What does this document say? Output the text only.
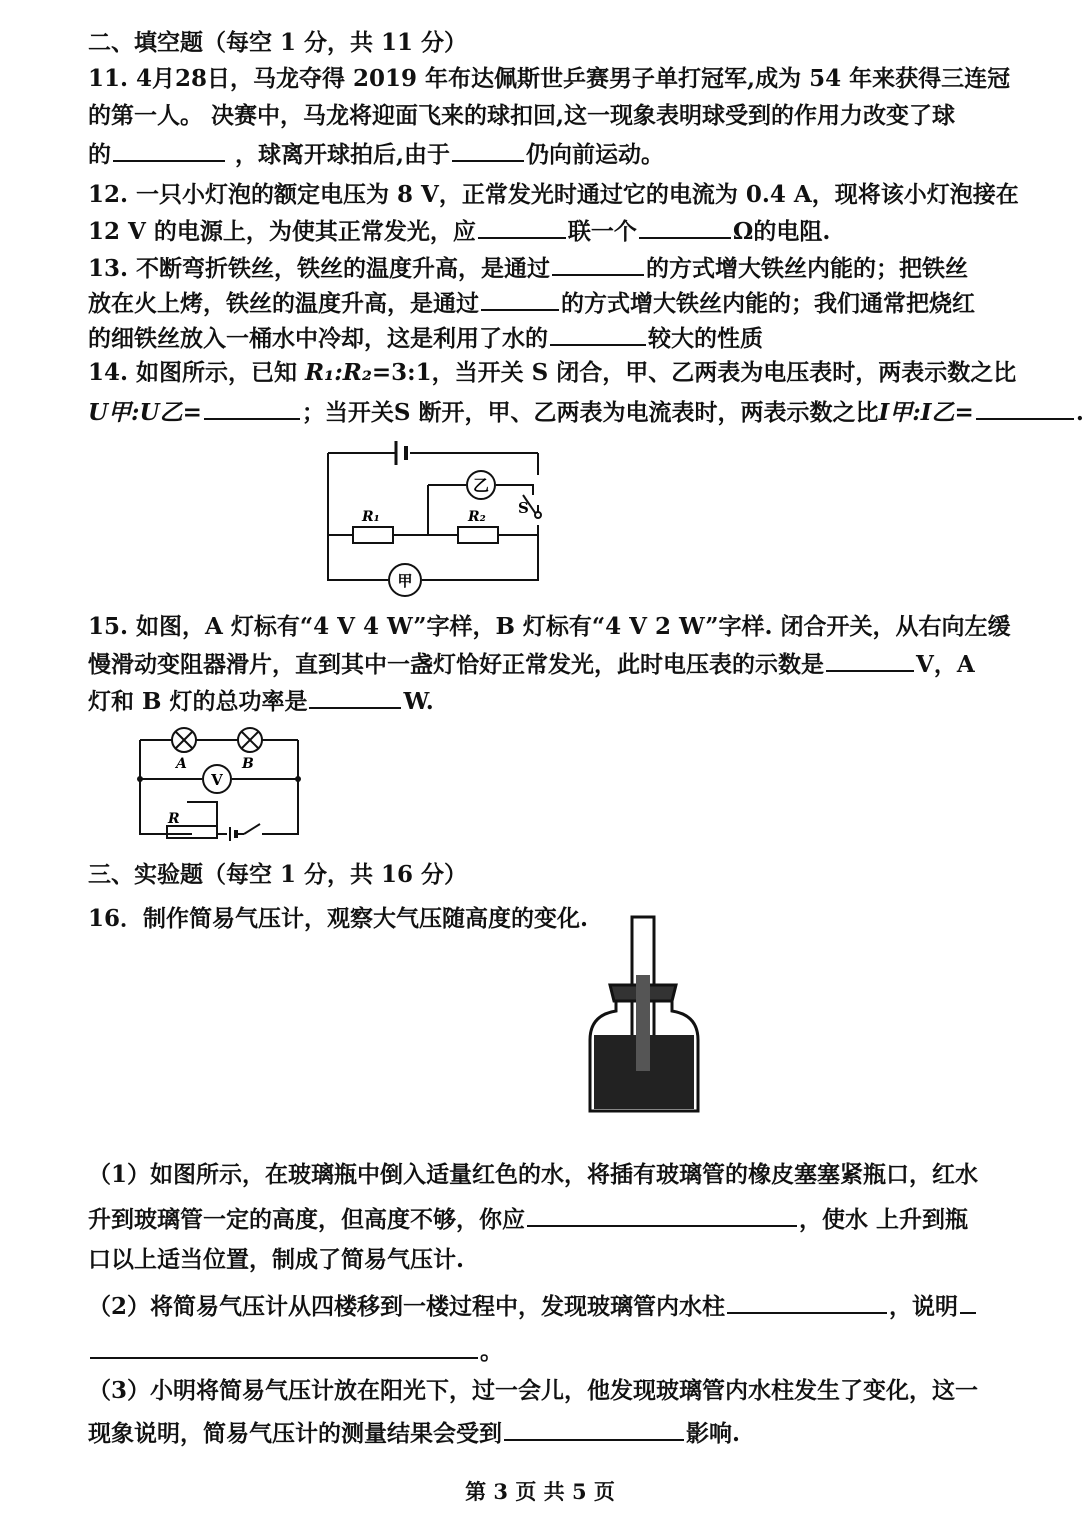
二、填空题（每空 1 分，共 11 分）
11. 4月28日，马龙夺得 2019 年布达佩斯世乒赛男子单打冠军,成为 54 年来获得三连冠
的第一人。 决赛中，马龙将迎面飞来的球扣回,这一现象表明球受到的作用力改变了球
的	，球离开球拍后,由于	仍向前运动。
12. 一只小灯泡的额定电压为 8 V，正常发光时通过它的电流为 0.4 A，现将该小灯泡接在
12 V 的电源上，为使其正常发光，应	联一个	Ω的电阻.
13. 不断弯折铁丝，铁丝的温度升高，是通过	的方式增大铁丝内能的；把铁丝
放在火上烤，铁丝的温度升高，是通过	的方式增大铁丝内能的；我们通常把烧红
的细铁丝放入一桶水中冷却，这是利用了水的	较大的性质
14. 如图所示，已知 R₁:R₂=3:1，当开关 S 闭合，甲、乙两表为电压表时，两表示数之比
U甲:U乙=	；当开关S 断开，甲、乙两表为电流表时，两表示数之比I甲:I乙=	.
乙
甲
R₁	R₂ S
15. 如图，A 灯标有“4 V 4 W”字样，B 灯标有“4 V 2 W”字样. 闭合开关，从右向左缓
慢滑动变阻器滑片，直到其中一盏灯恰好正常发光，此时电压表的示数是	V，A
灯和 B 灯的总功率是	W.
A	B
V
R
三、实验题（每空 1 分，共 16 分）
16．制作简易气压计，观察大气压随高度的变化.
（1）如图所示，在玻璃瓶中倒入适量红色的水，将插有玻璃管的橡皮塞塞紧瓶口，红水
升到玻璃管一定的高度，但高度不够，你应	，使水 上升到瓶
口以上适当位置，制成了简易气压计.
（2）将简易气压计从四楼移到一楼过程中，发现玻璃管内水柱	，说明
。
（3）小明将简易气压计放在阳光下，过一会儿，他发现玻璃管内水柱发生了变化，这一
现象说明，简易气压计的测量结果会受到	影响.
第 3 页 共 5 页
